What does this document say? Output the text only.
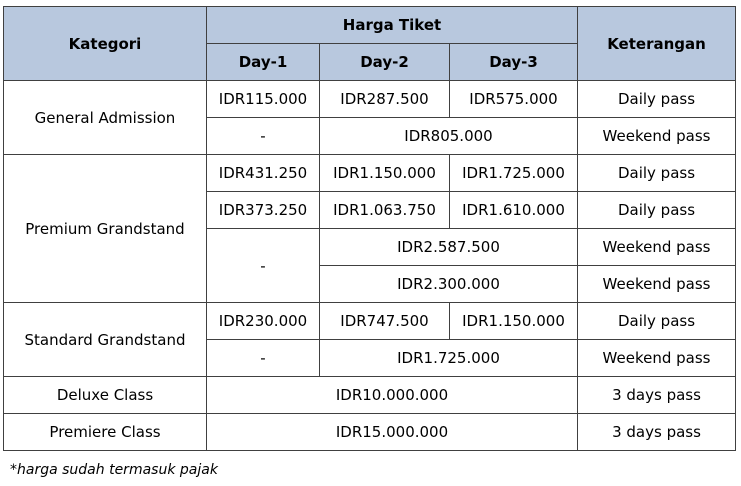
Kategori	Harga Tiket			Keterangan
	Day-1	Day-2	Day-3	
General Admission	IDR115.000	IDR287.500	IDR575.000	Daily pass
	-	IDR805.000		Weekend pass
Premium Grandstand	IDR431.250	IDR1.150.000	IDR1.725.000	Daily pass
	IDR373.250	IDR1.063.750	IDR1.610.000	Daily pass
	-	IDR2.587.500		Weekend pass
		IDR2.300.000		Weekend pass
Standard Grandstand	IDR230.000	IDR747.500	IDR1.150.000	Daily pass
	-	IDR1.725.000		Weekend pass
Deluxe Class	IDR10.000.000			3 days pass
Premiere Class	IDR15.000.000			3 days pass
*harga sudah termasuk pajak
